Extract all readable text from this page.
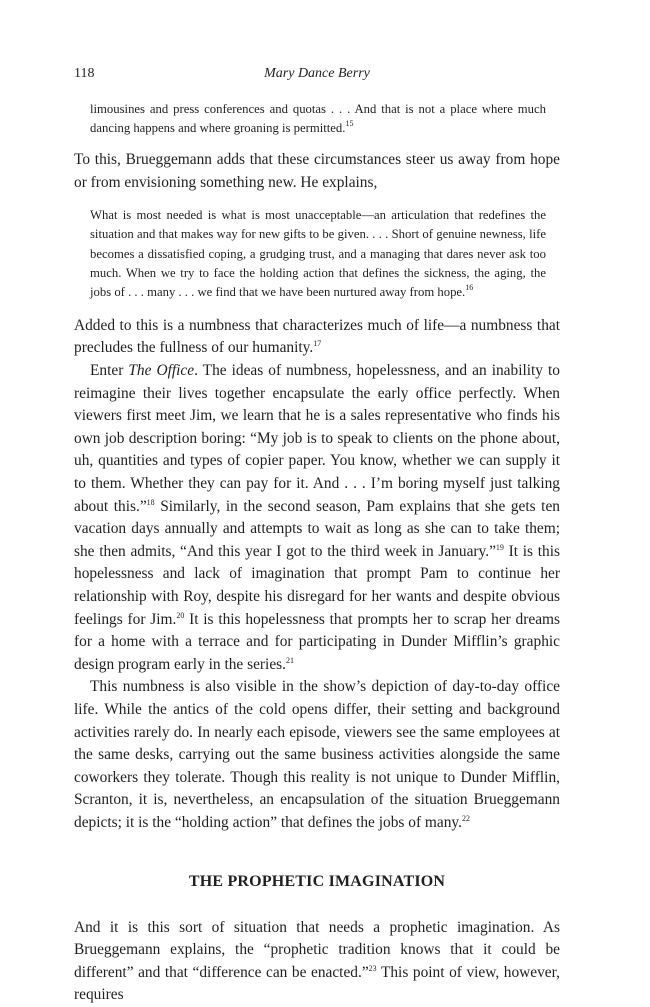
118	Mary Dance Berry

limousines and press conferences and quotas . . . And that is not a place where much dancing happens and where groaning is permitted.$^{15}$

To this, Brueggemann adds that these circumstances steer us away from hope or from envisioning something new. He explains,

What is most needed is what is most unacceptable—an articulation that redefines the situation and that makes way for new gifts to be given. . . . Short of genuine newness, life becomes a dissatisfied coping, a grudging trust, and a managing that dares never ask too much. When we try to face the holding action that defines the sickness, the aging, the jobs of . . . many . . . we find that we have been nurtured away from hope.$^{16}$

Added to this is a numbness that characterizes much of life—a numbness that precludes the fullness of our humanity.$^{17}$

Enter The Office. The ideas of numbness, hopelessness, and an inability to reimagine their lives together encapsulate the early office perfectly. When viewers first meet Jim, we learn that he is a sales representative who finds his own job description boring: “My job is to speak to clients on the phone about, uh, quantities and types of copier paper. You know, whether we can supply it to them. Whether they can pay for it. And . . . I’m boring myself just talking about this.”$^{18}$ Similarly, in the second season, Pam explains that she gets ten vacation days annually and attempts to wait as long as she can to take them; she then admits, “And this year I got to the third week in January.”$^{19}$ It is this hopelessness and lack of imagination that prompt Pam to continue her relationship with Roy, despite his disregard for her wants and despite obvious feelings for Jim.$^{20}$ It is this hopelessness that prompts her to scrap her dreams for a home with a terrace and for participating in Dunder Mifflin’s graphic design program early in the series.$^{21}$

This numbness is also visible in the show’s depiction of day-to-day office life. While the antics of the cold opens differ, their setting and background activities rarely do. In nearly each episode, viewers see the same employees at the same desks, carrying out the same business activities alongside the same coworkers they tolerate. Though this reality is not unique to Dunder Mifflin, Scranton, it is, nevertheless, an encapsulation of the situation Brueggemann depicts; it is the “holding action” that defines the jobs of many.$^{22}$

THE PROPHETIC IMAGINATION

And it is this sort of situation that needs a prophetic imagination. As Brueggemann explains, the “prophetic tradition knows that it could be different” and that “difference can be enacted.”$^{23}$ This point of view, however, requires
